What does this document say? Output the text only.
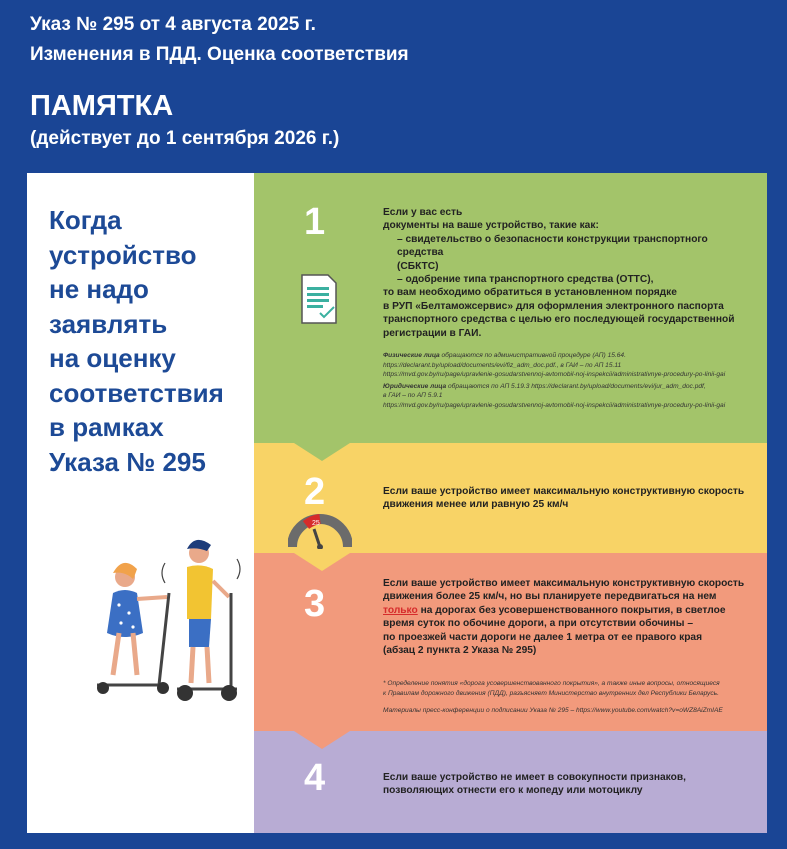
Указ № 295 от 4 августа 2025 г.
Изменения в ПДД. Оценка соответствия
ПАМЯТКА
(действует до 1 сентября 2026 г.)
Когда
устройство
не надо
заявлять
на оценку
соответствия
в рамках
Указа № 295
1	Если у вас есть

документы на ваше устройство, такие как:

– свидетельство о безопасности конструкции транспортного средства

(СБКТС)

– одобрение типа транспортного средства (ОТТС),

то вам необходимо обратиться в установленном порядке

в РУП «Белтаможсервис» для оформления электронного паспорта

транспортного средства с целью его последующей государственной

регистрации в ГАИ.

Физические лица обращаются по административной процедуре (АП) 15.64.

https://declarant.by/upload/documents/evi/fiz_adm_doc.pdf., в ГАИ – по АП 15.11

https://mvd.gov.by/ru/page/upravlenie-gosudarstvennoj-avtomobil-noj-inspekcii/administrativnye-procedury-po-linii-gai

Юридические лица обращаются по АП 5.19.3 https://declarant.by/upload/documents/evi/jur_adm_doc.pdf,

в ГАИ – по АП 5.9.1

https://mvd.gov.by/ru/page/upravlenie-gosudarstvennoj-avtomobil-noj-inspekcii/administrativnye-procedury-po-linii-gai

2
25

Если ваше устройство имеет максимальную конструктивную скорость

движения менее или равную 25 км/ч

3	Если ваше устройство имеет максимальную конструктивную скорость

движения более 25 км/ч, но вы планируете передвигаться на нем

только на дорогах без усовершенствованного покрытия, в светлое

время суток по обочине дороги, а при отсутствии обочины –

по проезжей части дороги не далее 1 метра от ее правого края

(абзац 2 пункта 2 Указа № 295)

* Определение понятия «дорога усовершенствованного покрытия», а также иные вопросы, относящиеся

к Правилам дорожного движения (ПДД), разъясняет Министерство внутренних дел Республики Беларусь.

Материалы пресс-конференции о подписании Указа № 295 – https://www.youtube.com/watch?v=oWZ8AiZmIAE

4	Если ваше устройство не имеет в совокупности признаков,

позволяющих отнести его к мопеду или мотоциклу
